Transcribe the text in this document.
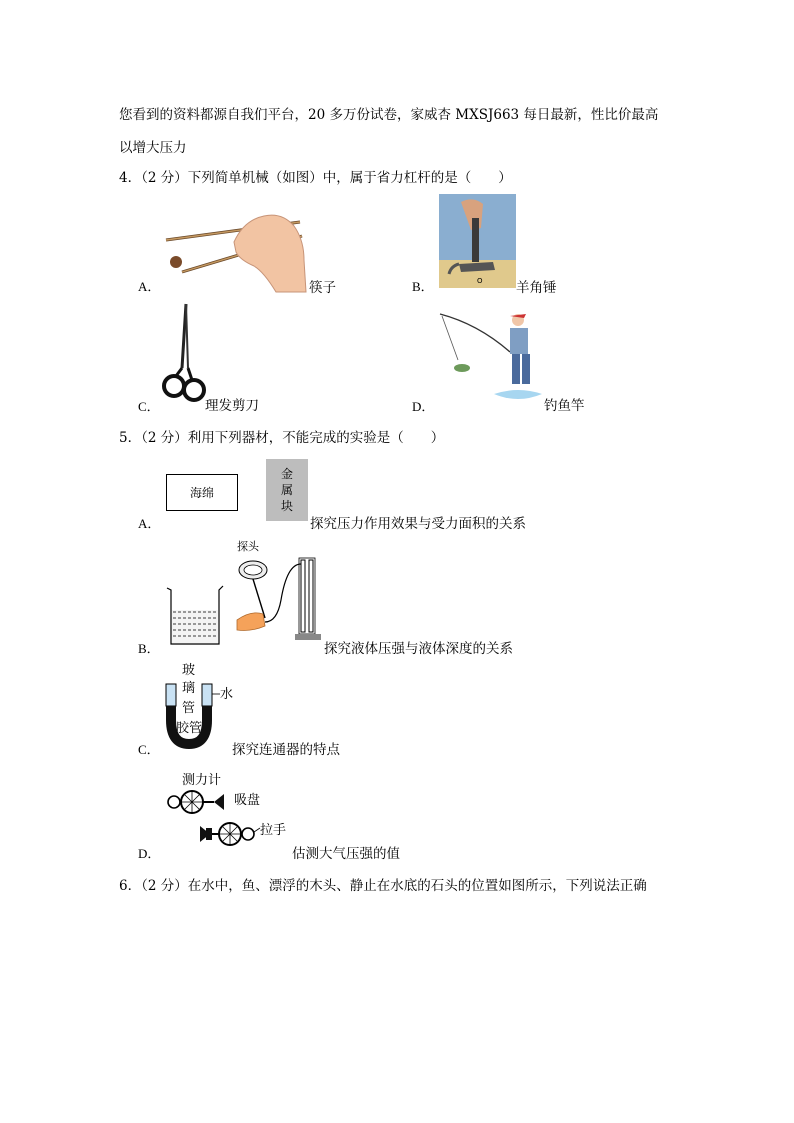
您看到的资料都源自我们平台，20 多万份试卷，家威杏 MXSJ663 每日最新，性比价最高
以增大压力
4．（2 分）下列简单机械（如图）中，属于省力杠杆的是（　　）
A．	筷子	B．	O 羊角锤
C．	理发剪刀	D．	钓鱼竿
5．（2 分）利用下列器材，不能完成的实验是（　　）
A．
海绵
金
属
块
探究压力作用效果与受力面积的关系
B．
探头
探究液体压强与液体深度的关系
C．
玻
璃
管
胶管
水
探究连通器的特点
D．
测力计
吸盘
拉手
估测大气压强的值
6．（2 分）在水中，鱼、漂浮的木头、静止在水底的石头的位置如图所示，下列说法正确
